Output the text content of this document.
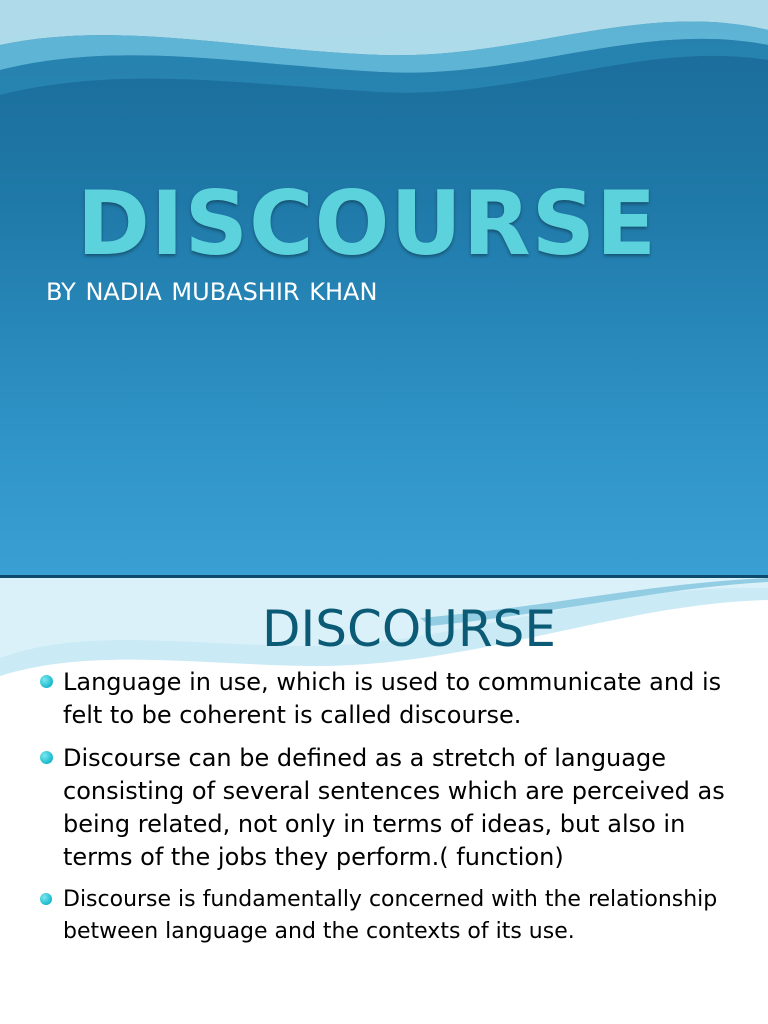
DISCOURSE
BY NADIA MUBASHIR KHAN
DISCOURSE
Language in use, which is used to communicate and is felt to be coherent is called discourse.
Discourse can be defined as a stretch of language consisting of several sentences which are perceived as being related, not only in terms of ideas, but also in terms of the jobs they perform.( function)
Discourse is fundamentally concerned with the relationship between language and the contexts of its use.
